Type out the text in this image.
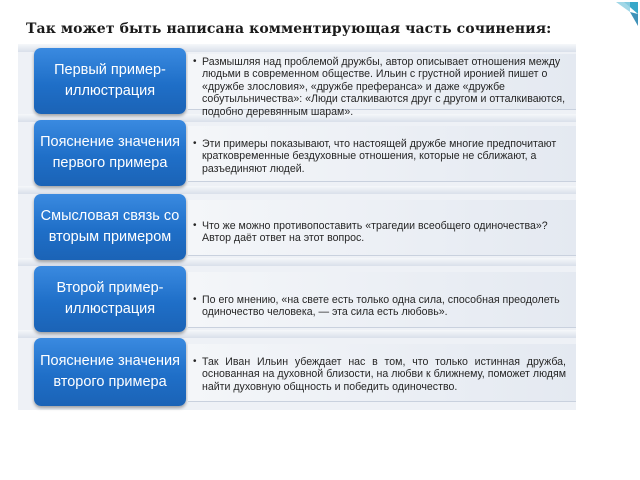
Так может быть написана комментирующая часть сочинения:
Первый пример-
иллюстрация
• Размышляя над проблемой дружбы, автор описывает отношения между людьми в современном обществе. Ильин с грустной иронией пишет о «дружбе злословия», «дружбе преферанса» и даже «дружбе собутыльничества»: «Люди сталкиваются друг с другом и отталкиваются, подобно деревянным шарам».
Пояснение значения
первого примера
• Эти примеры показывают, что настоящей дружбе многие предпочитают кратковременные бездуховные отношения, которые не сближают, а разъединяют людей.
Смысловая связь со
вторым примером
• Что же можно противопоставить «трагедии всеобщего одиночества»? Автор даёт ответ на этот вопрос.
Второй пример-
иллюстрация
• По его мнению, «на свете есть только одна сила, способная преодолеть одиночество человека, — эта сила есть любовь».
Пояснение значения
второго примера
• Так Иван Ильин убеждает нас в том, что только истинная дружба, основанная на духовной близости, на любви к ближнему, поможет людям найти духовную общность и победить одиночество.
